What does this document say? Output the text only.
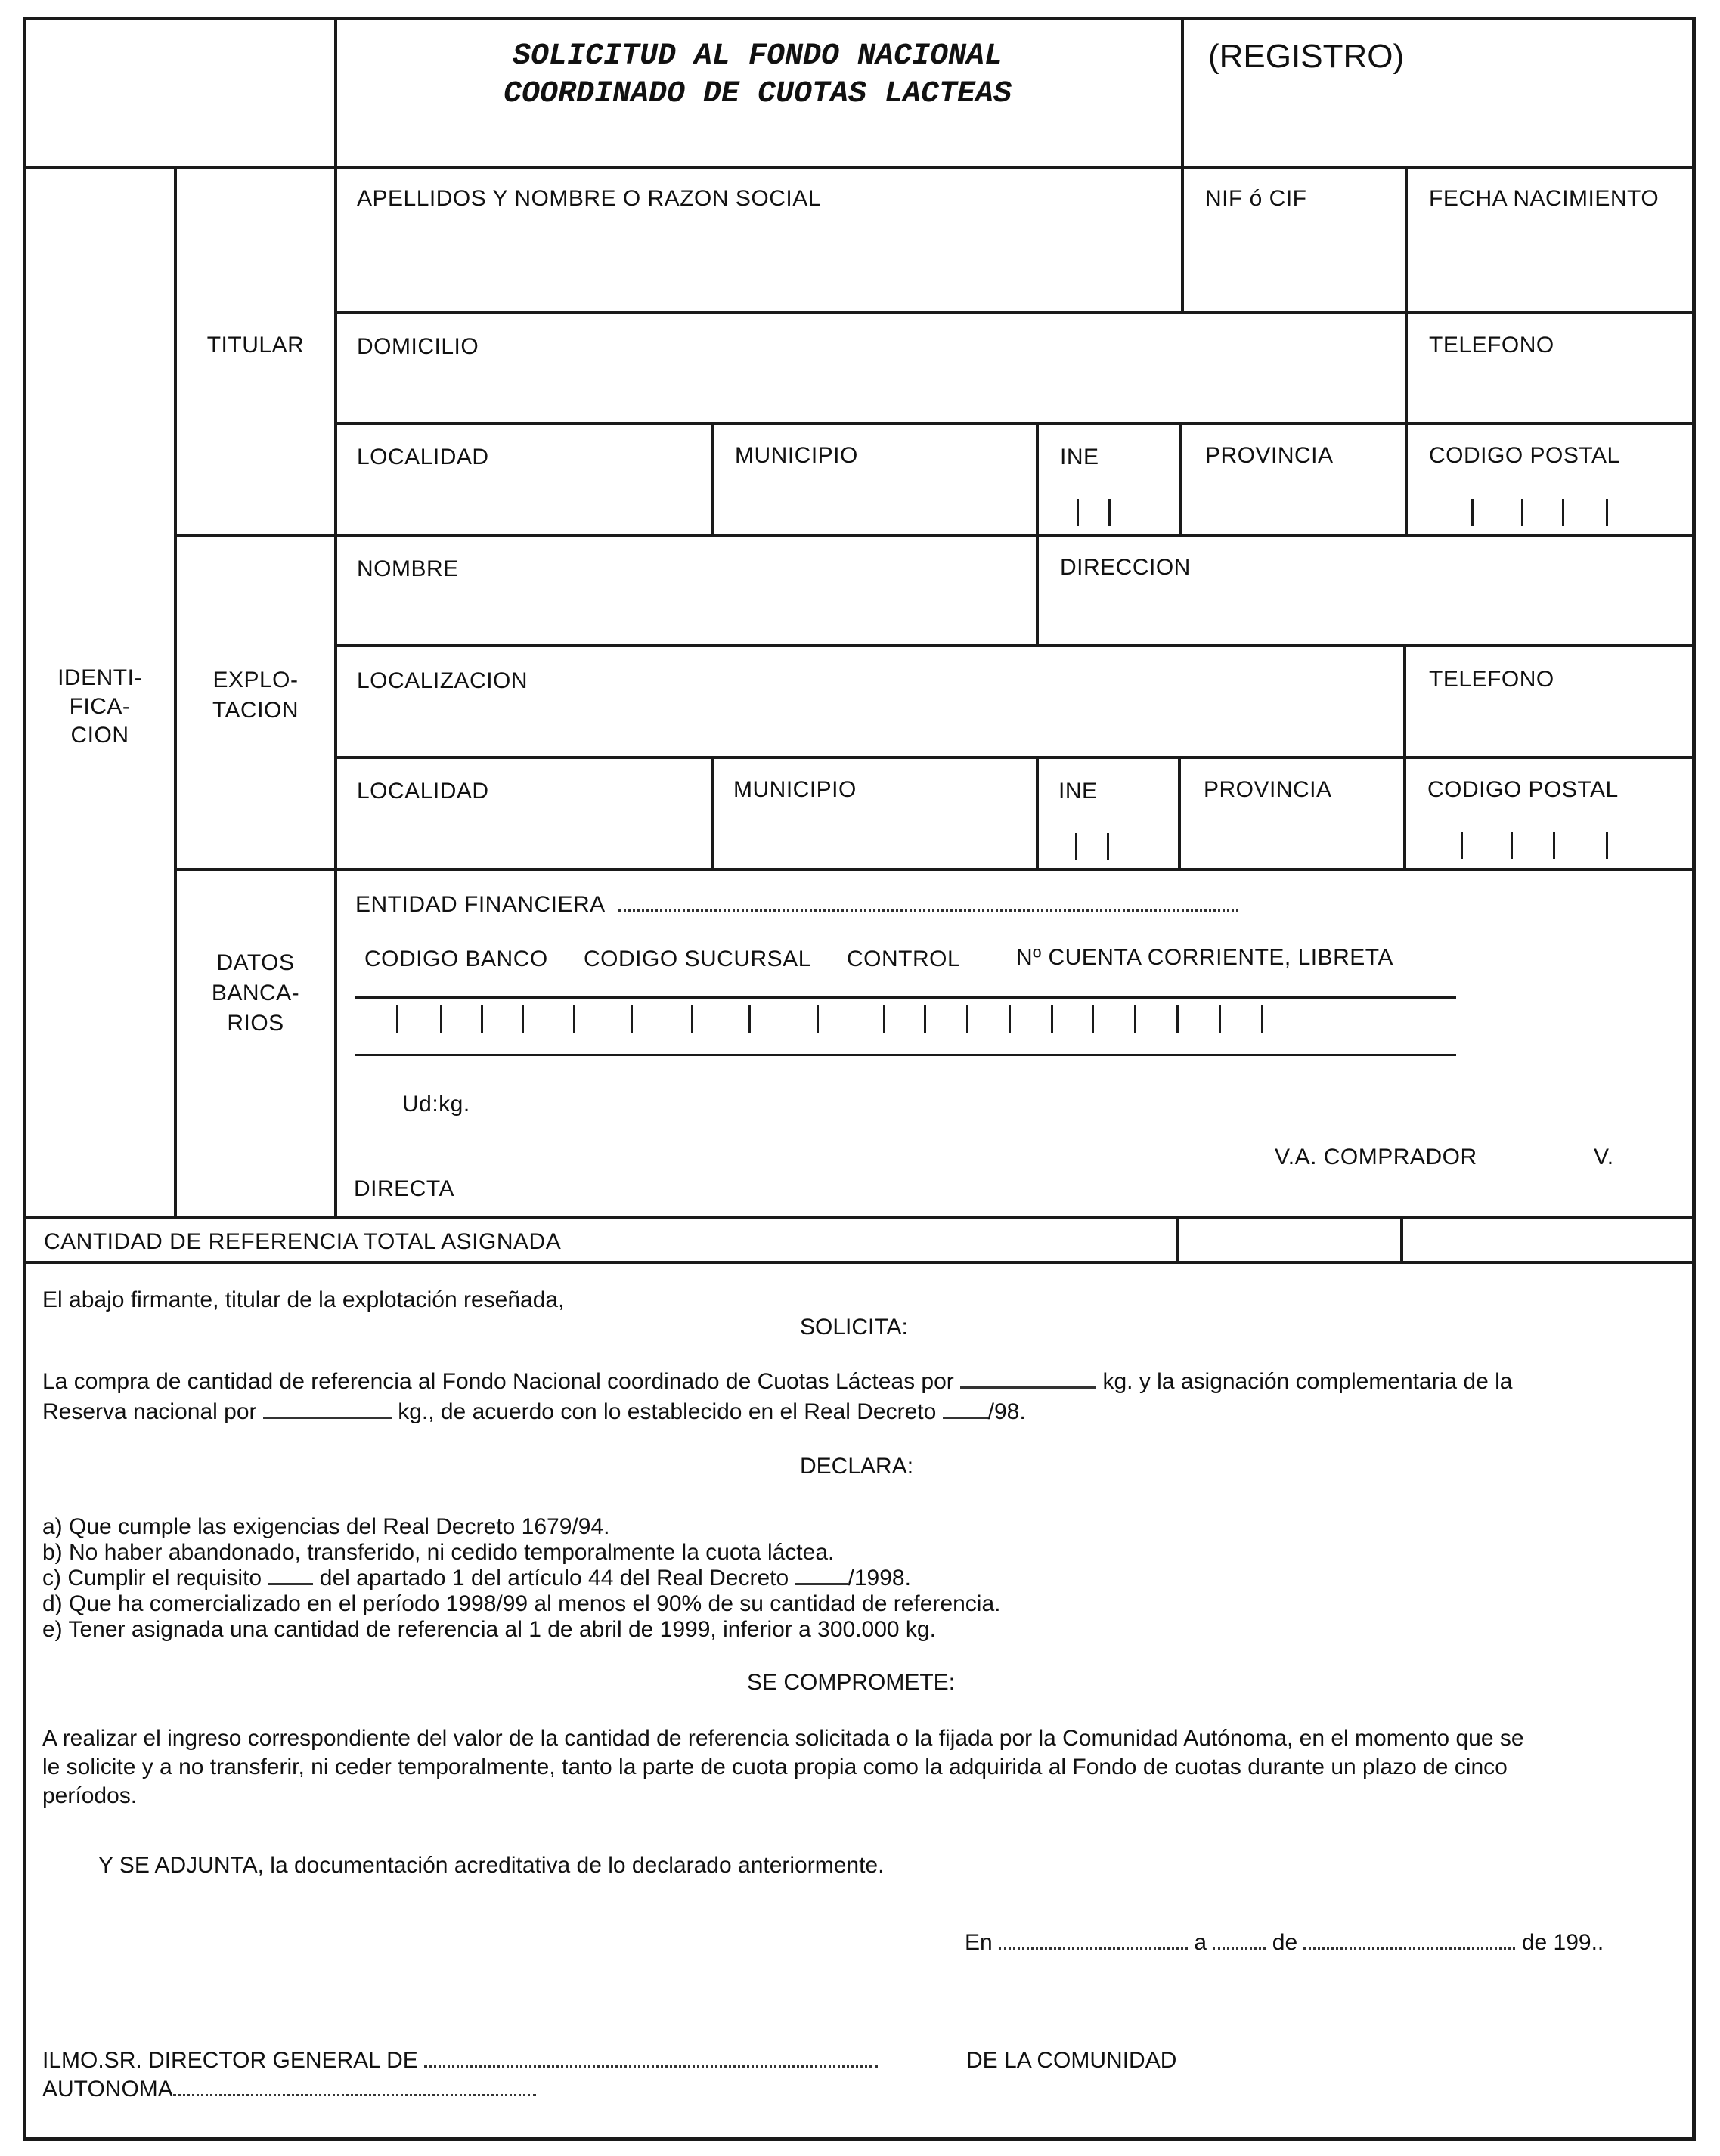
SOLICITUD AL FONDO NACIONAL
COORDINADO DE CUOTAS LACTEAS
(REGISTRO)
IDENTI-
FICA-
CION
TITULAR
EXPLO-
TACION
DATOS
BANCA-
RIOS
APELLIDOS Y NOMBRE O RAZON SOCIAL	NIF ó CIF	FECHA NACIMIENTO
DOMICILIO	TELEFONO
LOCALIDAD	MUNICIPIO	INE	PROVINCIA	CODIGO POSTAL
NOMBRE	DIRECCION
LOCALIZACION	TELEFONO
LOCALIDAD	MUNICIPIO	INE	PROVINCIA	CODIGO POSTAL
ENTIDAD FINANCIERA
CODIGO BANCO CODIGO SUCURSAL CONTROL Nº CUENTA CORRIENTE, LIBRETA
Ud:kg.
V.A. COMPRADOR	V.
DIRECTA
CANTIDAD DE REFERENCIA TOTAL ASIGNADA
El abajo firmante, titular de la explotación reseñada,
SOLICITA:
La compra de cantidad de referencia al Fondo Nacional coordinado de Cuotas Lácteas por	kg. y la asignación complementaria de la
Reserva nacional por	kg., de acuerdo con lo establecido en el Real Decreto /98.
DECLARA:
a) Que cumple las exigencias del Real Decreto 1679/94.
b) No haber abandonado, transferido, ni cedido temporalmente la cuota láctea.
c) Cumplir el requisito	del apartado 1 del artículo 44 del Real Decreto	/1998.
d) Que ha comercializado en el período 1998/99 al menos el 90% de su cantidad de referencia.
e) Tener asignada una cantidad de referencia al 1 de abril de 1999, inferior a 300.000 kg.
SE COMPROMETE:
A realizar el ingreso correspondiente del valor de la cantidad de referencia solicitada o la fijada por la Comunidad Autónoma, en el momento que se
le solicite y a no transferir, ni ceder temporalmente, tanto la parte de cuota propia como la adquirida al Fondo de cuotas durante un plazo de cinco
períodos.
Y SE ADJUNTA, la documentación acreditativa de lo declarado anteriormente.
En	a	de	de 199..
ILMO.SR. DIRECTOR GENERAL DE	DE LA COMUNIDAD
AUTONOMA
